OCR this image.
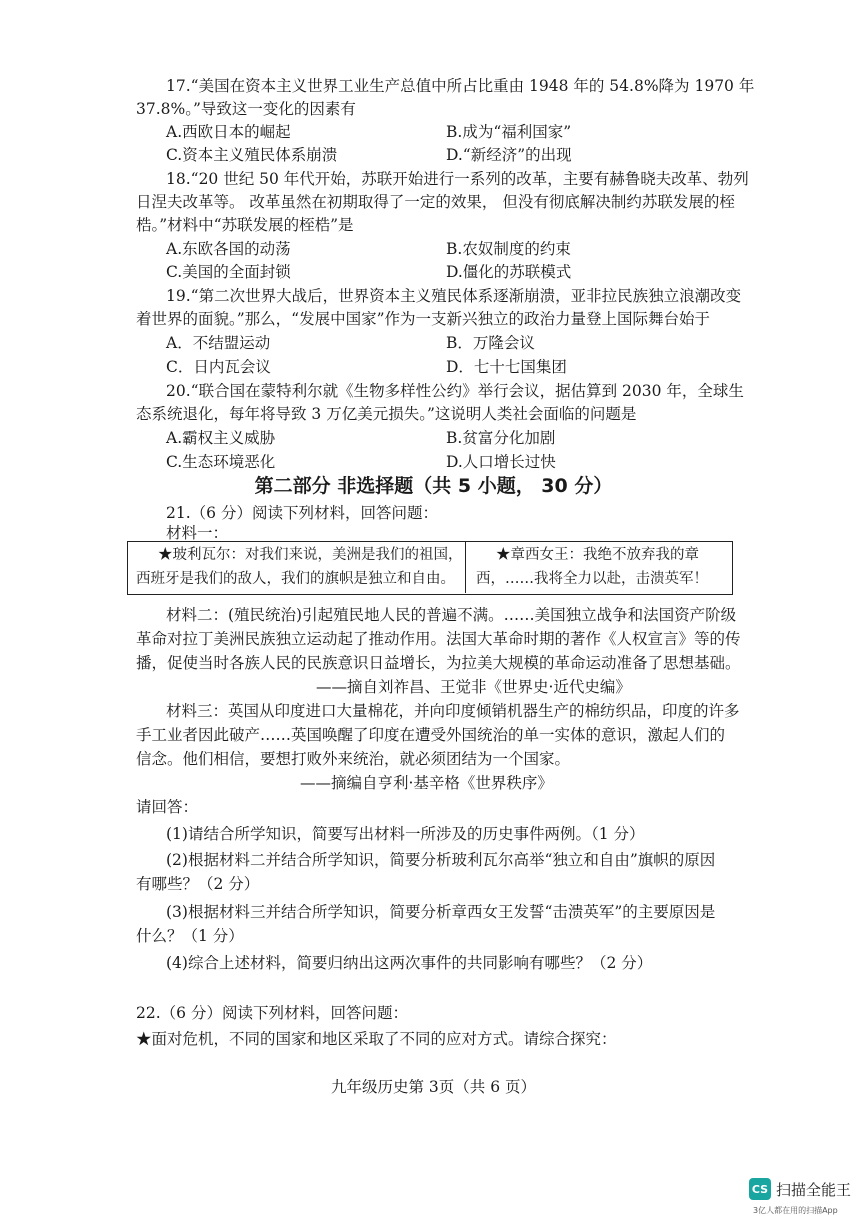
17.“美国在资本主义世界工业生产总值中所占比重由 1948 年的 54.8%降为 1970 年
37.8%。”导致这一变化的因素有
A.西欧日本的崛起	B.成为“福利国家”
C.资本主义殖民体系崩溃	D.“新经济”的出现
18.“20 世纪 50 年代开始，苏联开始进行一系列的改革，主要有赫鲁晓夫改革、勃列
日涅夫改革等。 改革虽然在初期取得了一定的效果， 但没有彻底解决制约苏联发展的桎
梏。”材料中“苏联发展的桎梏”是
A.东欧各国的动荡	B.农奴制度的约束
C.美国的全面封锁	D.僵化的苏联模式
19.“第二次世界大战后，世界资本主义殖民体系逐渐崩溃，亚非拉民族独立浪潮改变
着世界的面貌。”那么，“发展中国家”作为一支新兴独立的政治力量登上国际舞台始于
A．不结盟运动	B．万隆会议
C．日内瓦会议	D．七十七国集团
20.“联合国在蒙特利尔就《生物多样性公约》举行会议，据估算到 2030 年，全球生
态系统退化，每年将导致 3 万亿美元损失。”这说明人类社会面临的问题是
A.霸权主义威胁	B.贫富分化加剧
C.生态环境恶化	D.人口增长过快
第二部分 非选择题（共 5 小题， 30 分）
21.（6 分）阅读下列材料，回答问题：
材料一：
★玻利瓦尔：对我们来说，美洲是我们的祖国，
西班牙是我们的敌人，我们的旗帜是独立和自由。
★章西女王：我绝不放弃我的章
西，……我将全力以赴，击溃英军！
材料二：(殖民统治)引起殖民地人民的普遍不满。……美国独立战争和法国资产阶级
革命对拉丁美洲民族独立运动起了推动作用。法国大革命时期的著作《人权宣言》等的传
播，促使当时各族人民的民族意识日益增长，为拉美大规模的革命运动准备了思想基础。
——摘自刘祚昌、王觉非《世界史·近代史编》
材料三：英国从印度进口大量棉花，并向印度倾销机器生产的棉纺织品，印度的许多
手工业者因此破产……英国唤醒了印度在遭受外国统治的单一实体的意识，激起人们的
信念。他们相信，要想打败外来统治，就必须团结为一个国家。
——摘编自亨利·基辛格《世界秩序》
请回答：
(1)请结合所学知识，简要写出材料一所涉及的历史事件两例。（1 分）
(2)根据材料二并结合所学知识，简要分析玻利瓦尔高举“独立和自由”旗帜的原因
有哪些？（2 分）
(3)根据材料三并结合所学知识，简要分析章西女王发誓“击溃英军”的主要原因是
什么？（1 分）
(4)综合上述材料，简要归纳出这两次事件的共同影响有哪些？（2 分）
22.（6 分）阅读下列材料，回答问题：
★面对危机，不同的国家和地区采取了不同的应对方式。请综合探究：
九年级历史第 3页（共 6 页）
CS 扫描全能王
3亿人都在用的扫描App
